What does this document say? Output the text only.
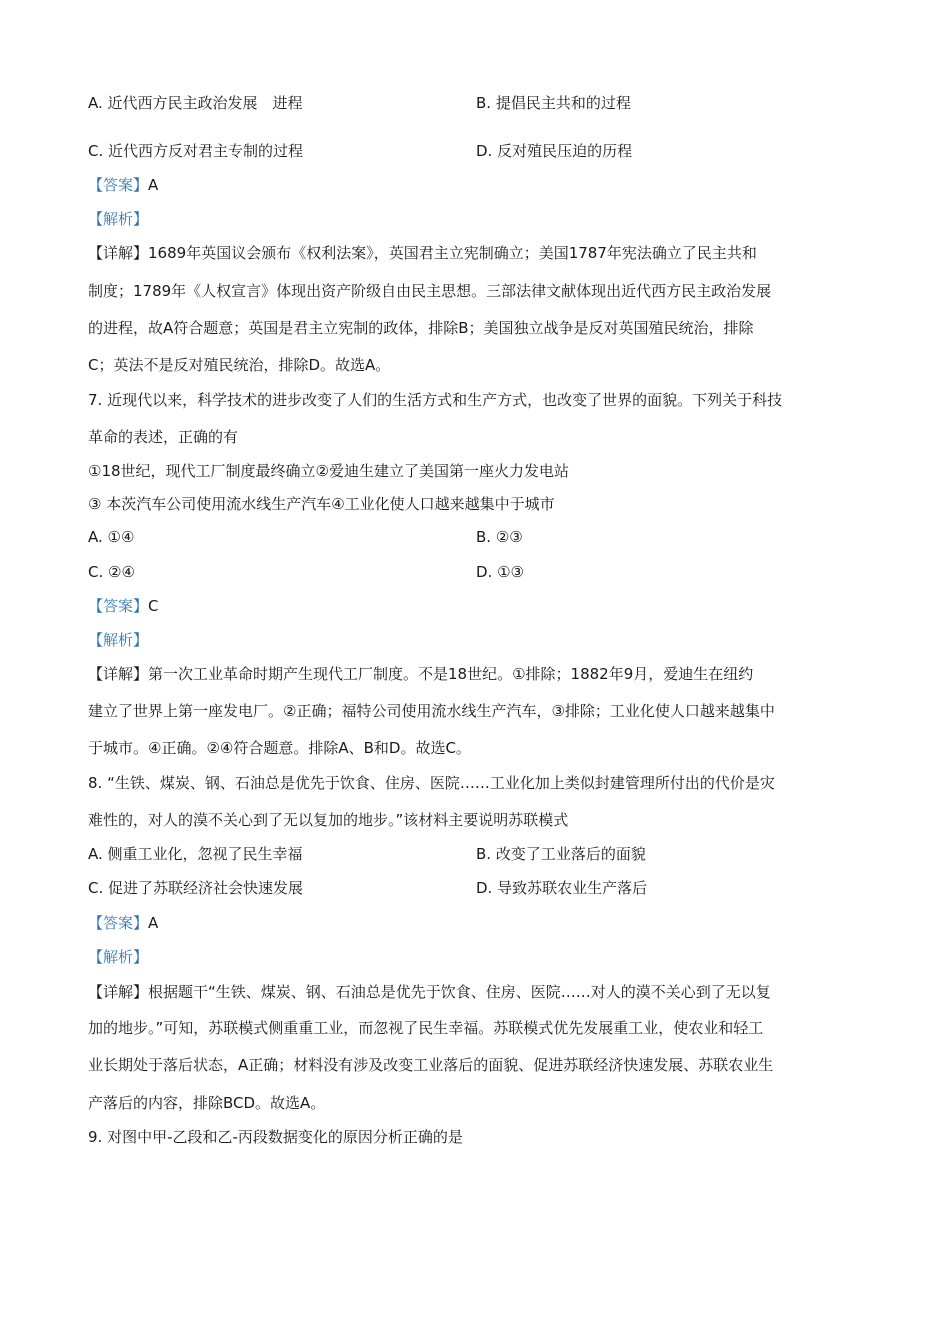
A. 近代西方民主政治发展　进程	B. 提倡民主共和的过程
C. 近代西方反对君主专制的过程	D. 反对殖民压迫的历程
【答案】A
【解析】
【详解】1689年英国议会颁布《权利法案》，英国君主立宪制确立；美国1787年宪法确立了民主共和
制度；1789年《人权宣言》体现出资产阶级自由民主思想。三部法律文献体现出近代西方民主政治发展
的进程，故A符合题意；英国是君主立宪制的政体，排除B；美国独立战争是反对英国殖民统治，排除
C；英法不是反对殖民统治，排除D。故选A。
7. 近现代以来，科学技术的进步改变了人们的生活方式和生产方式，也改变了世界的面貌。下列关于科技
革命的表述，正确的有
①18世纪，现代工厂制度最终确立②爱迪生建立了美国第一座火力发电站
③ 本茨汽车公司使用流水线生产汽车④工业化使人口越来越集中于城市
A. ①④	B. ②③
C. ②④	D. ①③
【答案】C
【解析】
【详解】第一次工业革命时期产生现代工厂制度。不是18世纪。①排除；1882年9月，爱迪生在纽约
建立了世界上第一座发电厂。②正确；福特公司使用流水线生产汽车，③排除；工业化使人口越来越集中
于城市。④正确。②④符合题意。排除A、B和D。故选C。
8. “生铁、煤炭、钢、石油总是优先于饮食、住房、医院……工业化加上类似封建管理所付出的代价是灾
难性的，对人的漠不关心到了无以复加的地步。”该材料主要说明苏联模式
A. 侧重工业化，忽视了民生幸福	B. 改变了工业落后的面貌
C. 促进了苏联经济社会快速发展	D. 导致苏联农业生产落后
【答案】A
【解析】
【详解】根据题干“生铁、煤炭、钢、石油总是优先于饮食、住房、医院……对人的漠不关心到了无以复
加的地步。”可知，苏联模式侧重重工业，而忽视了民生幸福。苏联模式优先发展重工业，使农业和轻工
业长期处于落后状态，A正确；材料没有涉及改变工业落后的面貌、促进苏联经济快速发展、苏联农业生
产落后的内容，排除BCD。故选A。
9. 对图中甲-乙段和乙-丙段数据变化的原因分析正确的是
